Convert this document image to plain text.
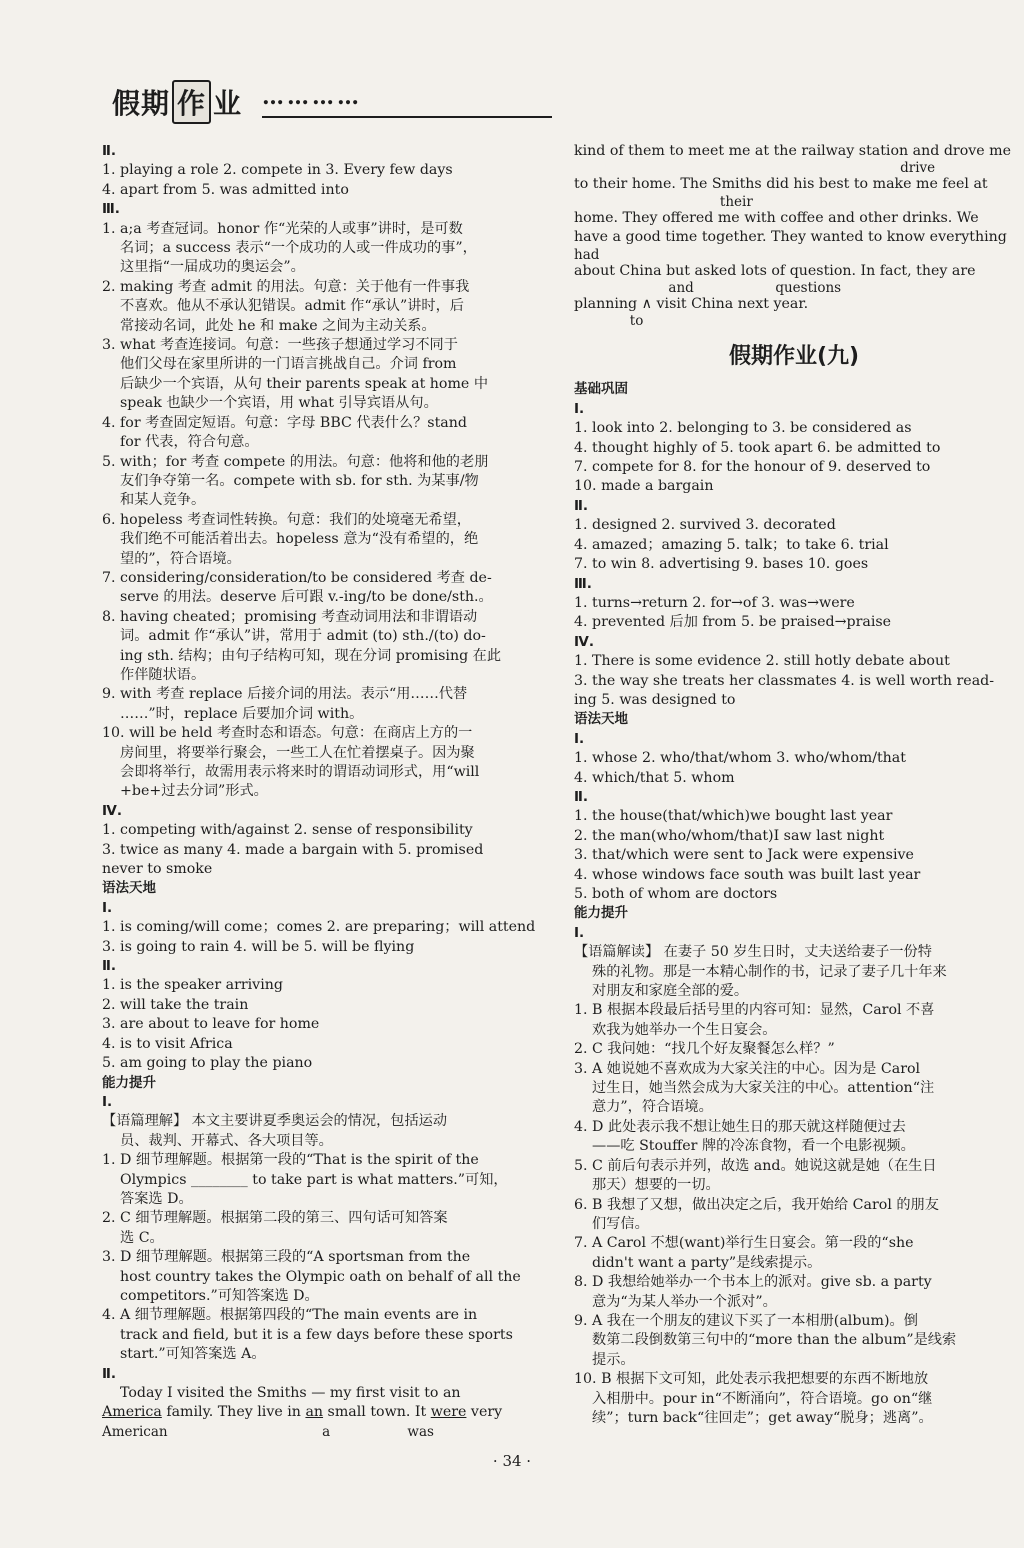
假期 作 业 …………
Ⅱ.
1. playing a role 2. compete in 3. Every few days
4. apart from 5. was admitted into
Ⅲ.
1. a;a 考查冠词。honor 作“光荣的人或事”讲时，是可数
名词；a success 表示“一个成功的人或一件成功的事”，
这里指“一届成功的奥运会”。
2. making 考查 admit 的用法。句意：关于他有一件事我
不喜欢。他从不承认犯错误。admit 作“承认”讲时，后
常接动名词，此处 he 和 make 之间为主动关系。
3. what 考查连接词。句意：一些孩子想通过学习不同于
他们父母在家里所讲的一门语言挑战自己。介词 from
后缺少一个宾语，从句 their parents speak at home 中
speak 也缺少一个宾语，用 what 引导宾语从句。
4. for 考查固定短语。句意：字母 BBC 代表什么？stand
for 代表，符合句意。
5. with；for 考查 compete 的用法。句意：他将和他的老朋
友们争夺第一名。compete with sb. for sth. 为某事/物
和某人竞争。
6. hopeless 考查词性转换。句意：我们的处境毫无希望，
我们绝不可能活着出去。hopeless 意为“没有希望的，绝
望的”，符合语境。
7. considering/consideration/to be considered 考查 de-
serve 的用法。deserve 后可跟 v.-ing/to be done/sth.。
8. having cheated；promising 考查动词用法和非谓语动
词。admit 作“承认”讲，常用于 admit (to) sth./(to) do-
ing sth. 结构；由句子结构可知，现在分词 promising 在此
作伴随状语。
9. with 考查 replace 后接介词的用法。表示“用……代替
……”时，replace 后要加介词 with。
10. will be held 考查时态和语态。句意：在商店上方的一
房间里，将要举行聚会，一些工人在忙着摆桌子。因为聚
会即将举行，故需用表示将来时的谓语动词形式，用“will
+be+过去分词”形式。
Ⅳ.
1. competing with/against 2. sense of responsibility
3. twice as many 4. made a bargain with 5. promised
never to smoke
语法天地
Ⅰ.
1. is coming/will come；comes 2. are preparing；will attend
3. is going to rain 4. will be 5. will be flying
Ⅱ.
1. is the speaker arriving
2. will take the train
3. are about to leave for home
4. is to visit Africa
5. am going to play the piano
能力提升
Ⅰ.
【语篇理解】 本文主要讲夏季奥运会的情况，包括运动
员、裁判、开幕式、各大项目等。
1. D 细节理解题。根据第一段的“That is the spirit of the
Olympics ________ to take part is what matters.”可知，
答案选 D。
2. C 细节理解题。根据第二段的第三、四句话可知答案
选 C。
3. D 细节理解题。根据第三段的“A sportsman from the
host country takes the Olympic oath on behalf of all the
competitors.”可知答案选 D。
4. A 细节理解题。根据第四段的“The main events are in
track and field, but it is a few days before these sports
start.”可知答案选 A。
Ⅱ.
Today I visited the Smiths — my first visit to an
America family. They live in an small town. It were very
American                                    a                  was
kind of them to meet me at the railway station and drove me
drive
to their home. The Smiths did his best to make me feel at
their
home. They offered me with coffee and other drinks. We
have a good time together. They wanted to know everything
had
about China but asked lots of question. In fact, they are
and                   questions
planning ∧ visit China next year.
to
假期作业(九)
基础巩固
Ⅰ.
1. look into 2. belonging to 3. be considered as
4. thought highly of 5. took apart 6. be admitted to
7. compete for 8. for the honour of 9. deserved to
10. made a bargain
Ⅱ.
1. designed 2. survived 3. decorated
4. amazed；amazing 5. talk；to take 6. trial
7. to win 8. advertising 9. bases 10. goes
Ⅲ.
1. turns→return 2. for→of 3. was→were
4. prevented 后加 from 5. be praised→praise
Ⅳ.
1. There is some evidence 2. still hotly debate about
3. the way she treats her classmates 4. is well worth read-
ing 5. was designed to
语法天地
Ⅰ.
1. whose 2. who/that/whom 3. who/whom/that
4. which/that 5. whom
Ⅱ.
1. the house(that/which)we bought last year
2. the man(who/whom/that)I saw last night
3. that/which were sent to Jack were expensive
4. whose windows face south was built last year
5. both of whom are doctors
能力提升
Ⅰ.
【语篇解读】 在妻子 50 岁生日时，丈夫送给妻子一份特
殊的礼物。那是一本精心制作的书，记录了妻子几十年来
对朋友和家庭全部的爱。
1. B 根据本段最后括号里的内容可知：显然，Carol 不喜
欢我为她举办一个生日宴会。
2. C 我问她：“找几个好友聚餐怎么样？”
3. A 她说她不喜欢成为大家关注的中心。因为是 Carol
过生日，她当然会成为大家关注的中心。attention“注
意力”，符合语境。
4. D 此处表示我不想让她生日的那天就这样随便过去
——吃 Stouffer 牌的冷冻食物，看一个电影视频。
5. C 前后句表示并列，故选 and。她说这就是她（在生日
那天）想要的一切。
6. B 我想了又想，做出决定之后，我开始给 Carol 的朋友
们写信。
7. A Carol 不想(want)举行生日宴会。第一段的“she
didn't want a party”是线索提示。
8. D 我想给她举办一个书本上的派对。give sb. a party
意为“为某人举办一个派对”。
9. A 我在一个朋友的建议下买了一本相册(album)。倒
数第二段倒数第三句中的“more than the album”是线索
提示。
10. B 根据下文可知，此处表示我把想要的东西不断地放
入相册中。pour in“不断涌向”，符合语境。go on“继
续”；turn back“往回走”；get away“脱身；逃离”。
· 34 ·
